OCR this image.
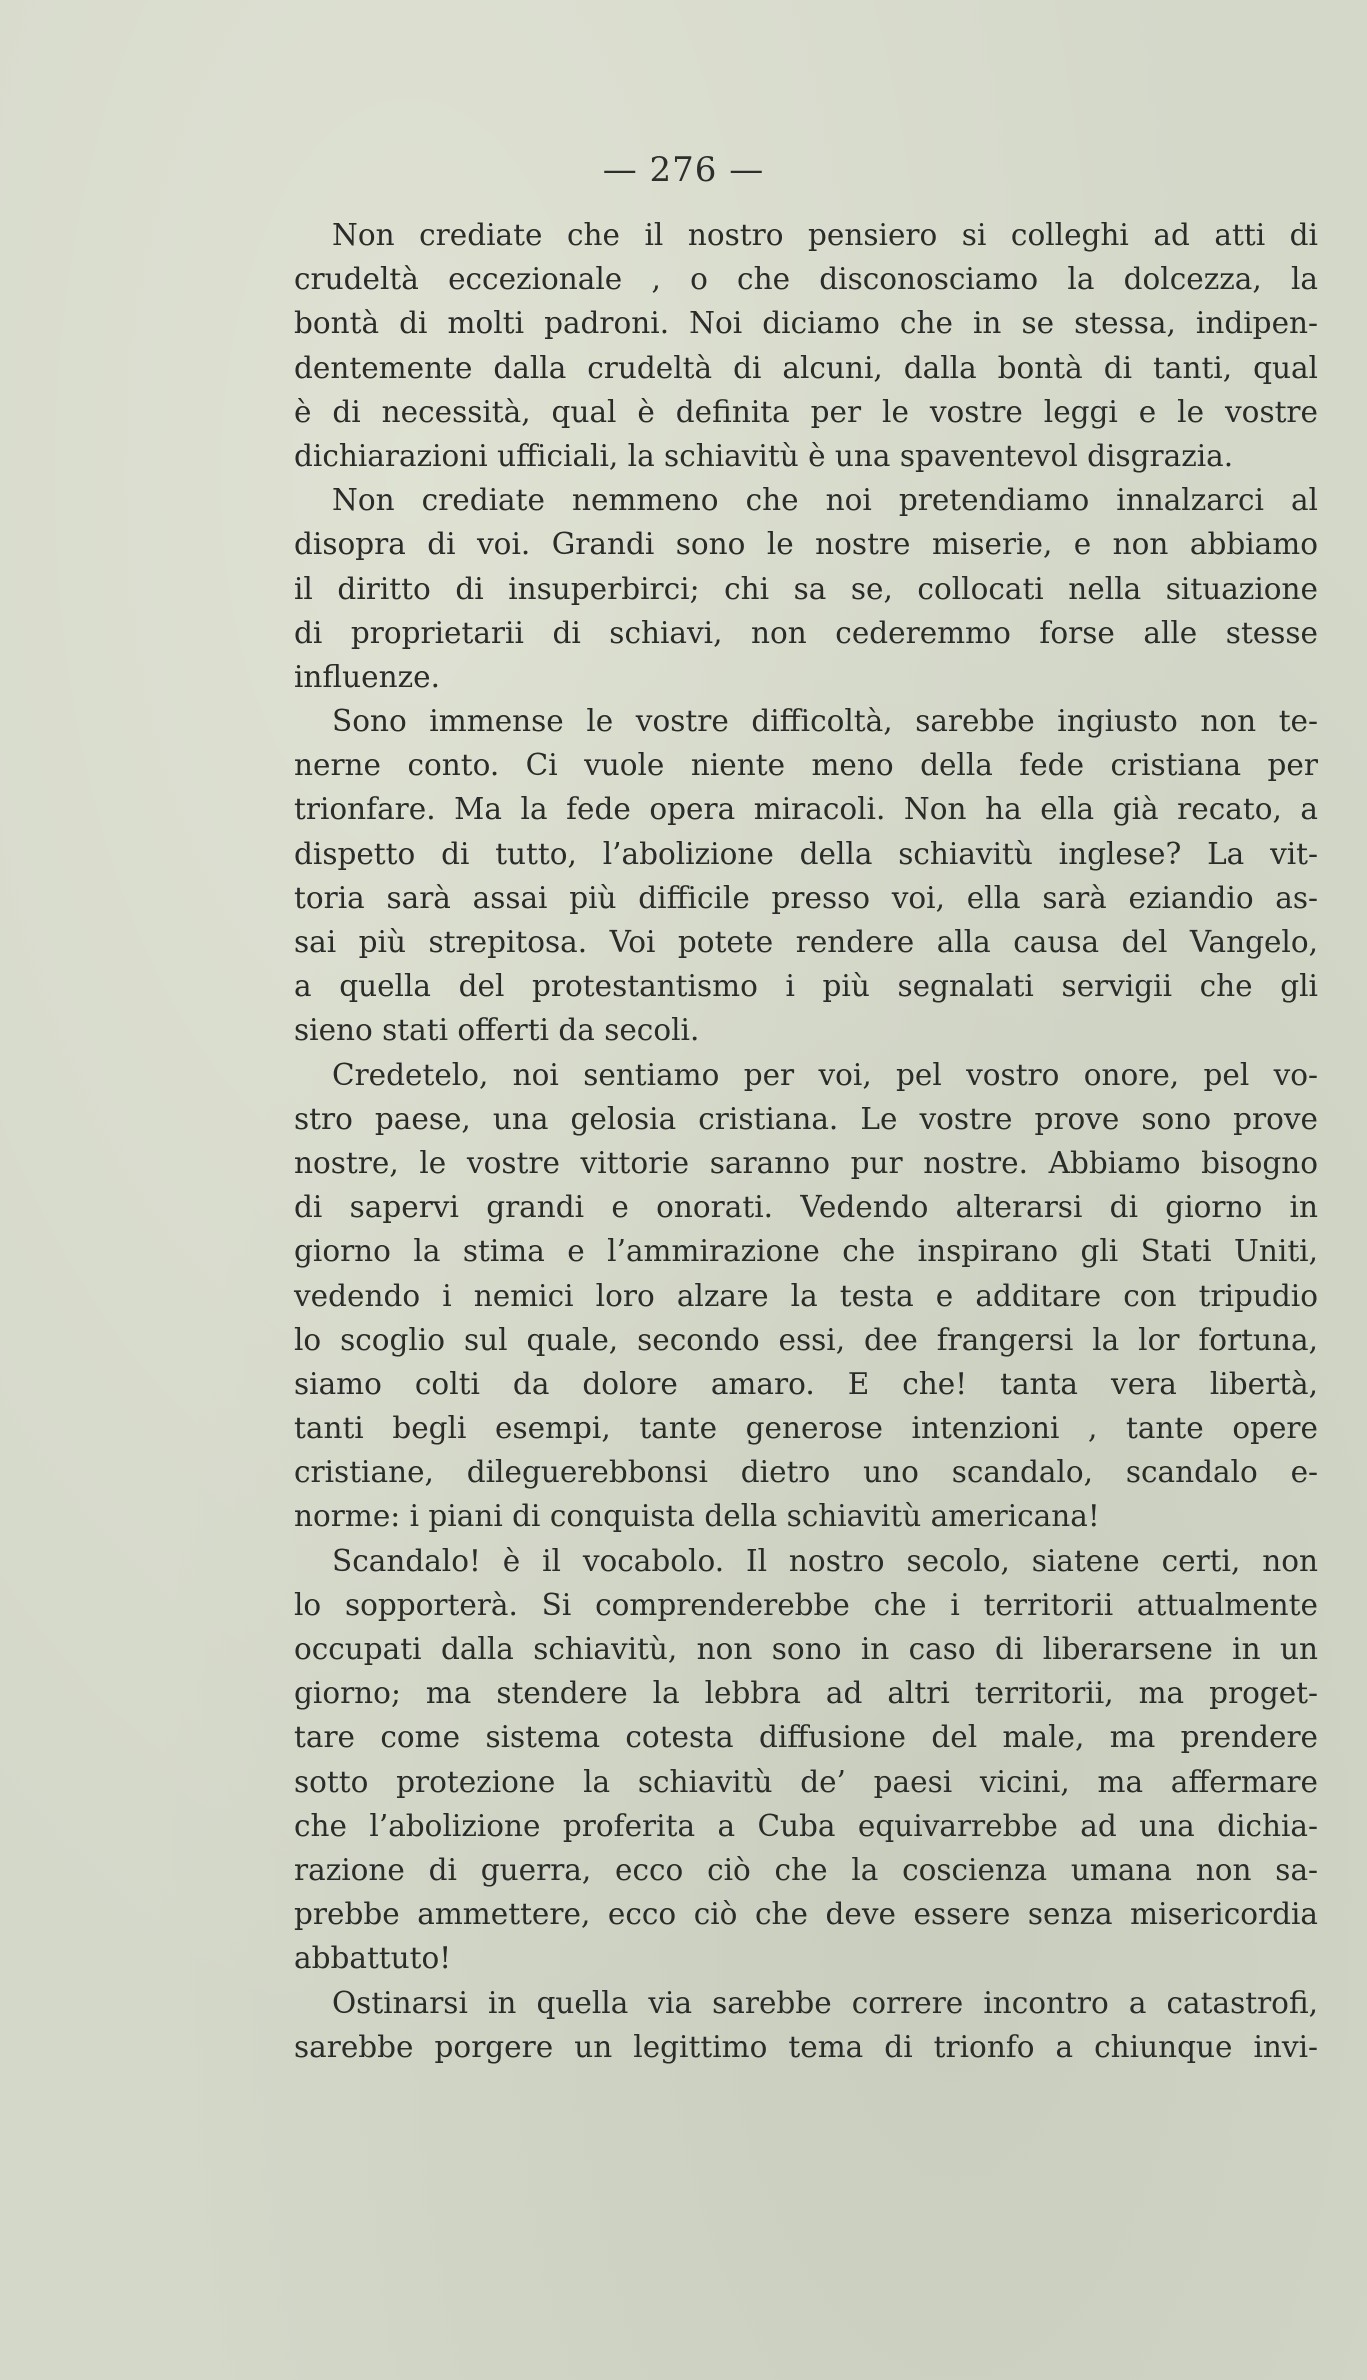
— 276 —
Non crediate che il nostro pensiero si colleghi ad atti di
crudeltà eccezionale , o che disconosciamo la dolcezza, la
bontà di molti padroni. Noi diciamo che in se stessa, indipen-
dentemente dalla crudeltà di alcuni, dalla bontà di tanti, qual
è di necessità, qual è definita per le vostre leggi e le vostre
dichiarazioni ufficiali, la schiavitù è una spaventevol disgrazia.
Non crediate nemmeno che noi pretendiamo innalzarci al
disopra di voi. Grandi sono le nostre miserie, e non abbiamo
il diritto di insuperbirci; chi sa se, collocati nella situazione
di proprietarii di schiavi, non cederemmo forse alle stesse
influenze.
Sono immense le vostre difficoltà, sarebbe ingiusto non te-
nerne conto. Ci vuole niente meno della fede cristiana per
trionfare. Ma la fede opera miracoli. Non ha ella già recato, a
dispetto di tutto, l’abolizione della schiavitù inglese? La vit-
toria sarà assai più difficile presso voi, ella sarà eziandio as-
sai più strepitosa. Voi potete rendere alla causa del Vangelo,
a quella del protestantismo i più segnalati servigii che gli
sieno stati offerti da secoli.
Credetelo, noi sentiamo per voi, pel vostro onore, pel vo-
stro paese, una gelosia cristiana. Le vostre prove sono prove
nostre, le vostre vittorie saranno pur nostre. Abbiamo bisogno
di sapervi grandi e onorati. Vedendo alterarsi di giorno in
giorno la stima e l’ammirazione che inspirano gli Stati Uniti,
vedendo i nemici loro alzare la testa e additare con tripudio
lo scoglio sul quale, secondo essi, dee frangersi la lor fortuna,
siamo colti da dolore amaro. E che! tanta vera libertà,
tanti begli esempi, tante generose intenzioni , tante opere
cristiane, dileguerebbonsi dietro uno scandalo, scandalo e-
norme: i piani di conquista della schiavitù americana!
Scandalo! è il vocabolo. Il nostro secolo, siatene certi, non
lo sopporterà. Si comprenderebbe che i territorii attualmente
occupati dalla schiavitù, non sono in caso di liberarsene in un
giorno; ma stendere la lebbra ad altri territorii, ma proget-
tare come sistema cotesta diffusione del male, ma prendere
sotto protezione la schiavitù de’ paesi vicini, ma affermare
che l’abolizione proferita a Cuba equivarrebbe ad una dichia-
razione di guerra, ecco ciò che la coscienza umana non sa-
prebbe ammettere, ecco ciò che deve essere senza misericordia
abbattuto!
Ostinarsi in quella via sarebbe correre incontro a catastrofi,
sarebbe porgere un legittimo tema di trionfo a chiunque invi-
